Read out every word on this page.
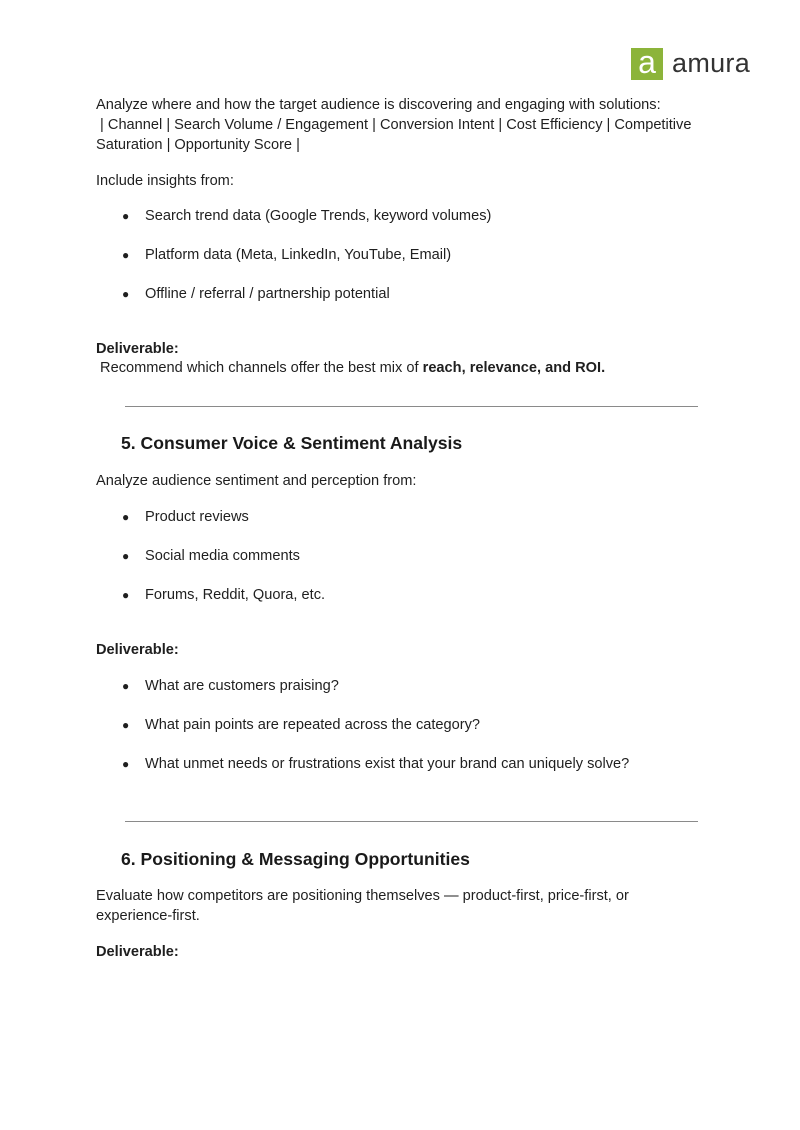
a amura
Analyze where and how the target audience is discovering and engaging with solutions:
| Channel | Search Volume / Engagement | Conversion Intent | Cost Efficiency | Competitive
Saturation | Opportunity Score |
Include insights from:
● Search trend data (Google Trends, keyword volumes)
● Platform data (Meta, LinkedIn, YouTube, Email)
● Offline / referral / partnership potential
Deliverable:
Recommend which channels offer the best mix of reach, relevance, and ROI.
5. Consumer Voice & Sentiment Analysis
Analyze audience sentiment and perception from:
● Product reviews
● Social media comments
● Forums, Reddit, Quora, etc.
Deliverable:
● What are customers praising?
● What pain points are repeated across the category?
● What unmet needs or frustrations exist that your brand can uniquely solve?
6. Positioning & Messaging Opportunities
Evaluate how competitors are positioning themselves — product-first, price-first, or
experience-first.
Deliverable:
